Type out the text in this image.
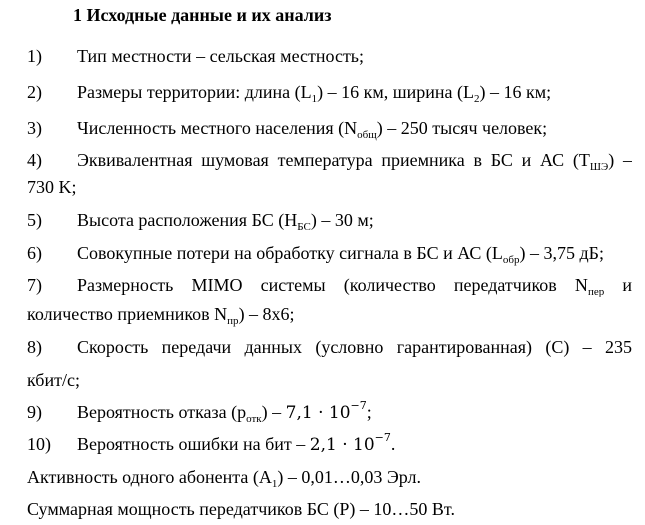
1 Исходные данные и их анализ
1) Тип местности – сельская местность;
2) Размеры территории: длина $(L_1) - 16$ км, ширина $(L_2) - 16$ км;
3) Численность местного населения $(N_{общ}) - 250$ тысяч человек;
4) Эквивалентная шумовая температура приемника в БС и АС $(T_{ШЭ})$ –
730 K;
5) Высота расположения БС $(H_{БС}) - 30$ м;
6) Совокупные потери на обработку сигнала в БС и АС $(L_{обр}) - 3,75$ дБ;
7) Размерность MIMO системы (количество передатчиков $N_{пер}$ и
количество приемников $N_{пр}) - 8x6$;
8) Скорость передачи данных (условно гарантированная) (C) – 235
кбит/с;
9) Вероятность отказа $(p_{отк}) - 7,1 \cdot 10^{-7}$;
10) Вероятность ошибки на бит – $2,1 \cdot 10^{-7}$.
Активность одного абонента $(A_1)$ – 0,01…0,03 Эрл.
Суммарная мощность передатчиков БС (P) – 10…50 Вт.
